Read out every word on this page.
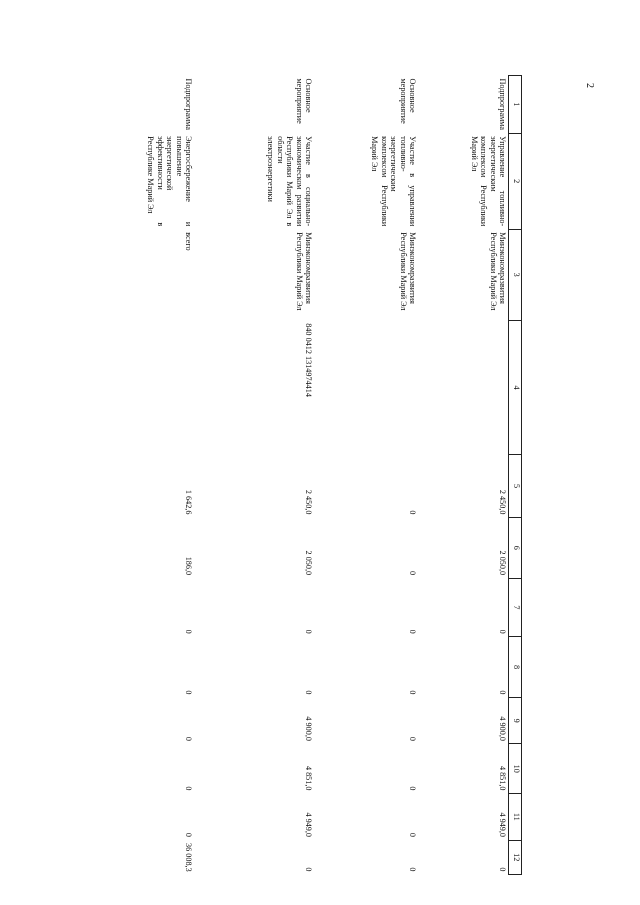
2
1	2	3	4	5	6	7	8	9	10	11	12
Подпрограмма	Управление топливно-энергетическим комплексом Республики Марий Эл	Минэкономразвития Республики Марий Эл		2 450,0	2 050,0	0	0	4 900,0	4 851,0	4 949,0	0
Основное мероприятие	Участие в управлении топливно-энергетическим комплексом Республики Марий Эл	Минэкономразвития Республики Марий Эл		0	0	0	0	0	0	0	0
Основное мероприятие	Участие в социально-экономическом развитии Республики Марий Эл в области электроэнергетики	Минэкономразвития Республики Марий Эл	840 0412 1314974414	2 450,0	2 050,0	0	0	4 900,0	4 851,0	4 949,0	0
Подпрограмма	Энергосбережение и повышение энергетической эффективности в Республике Марий Эл	всего		1 642,6	186,0	0	0	0	0	0	36 008,3
